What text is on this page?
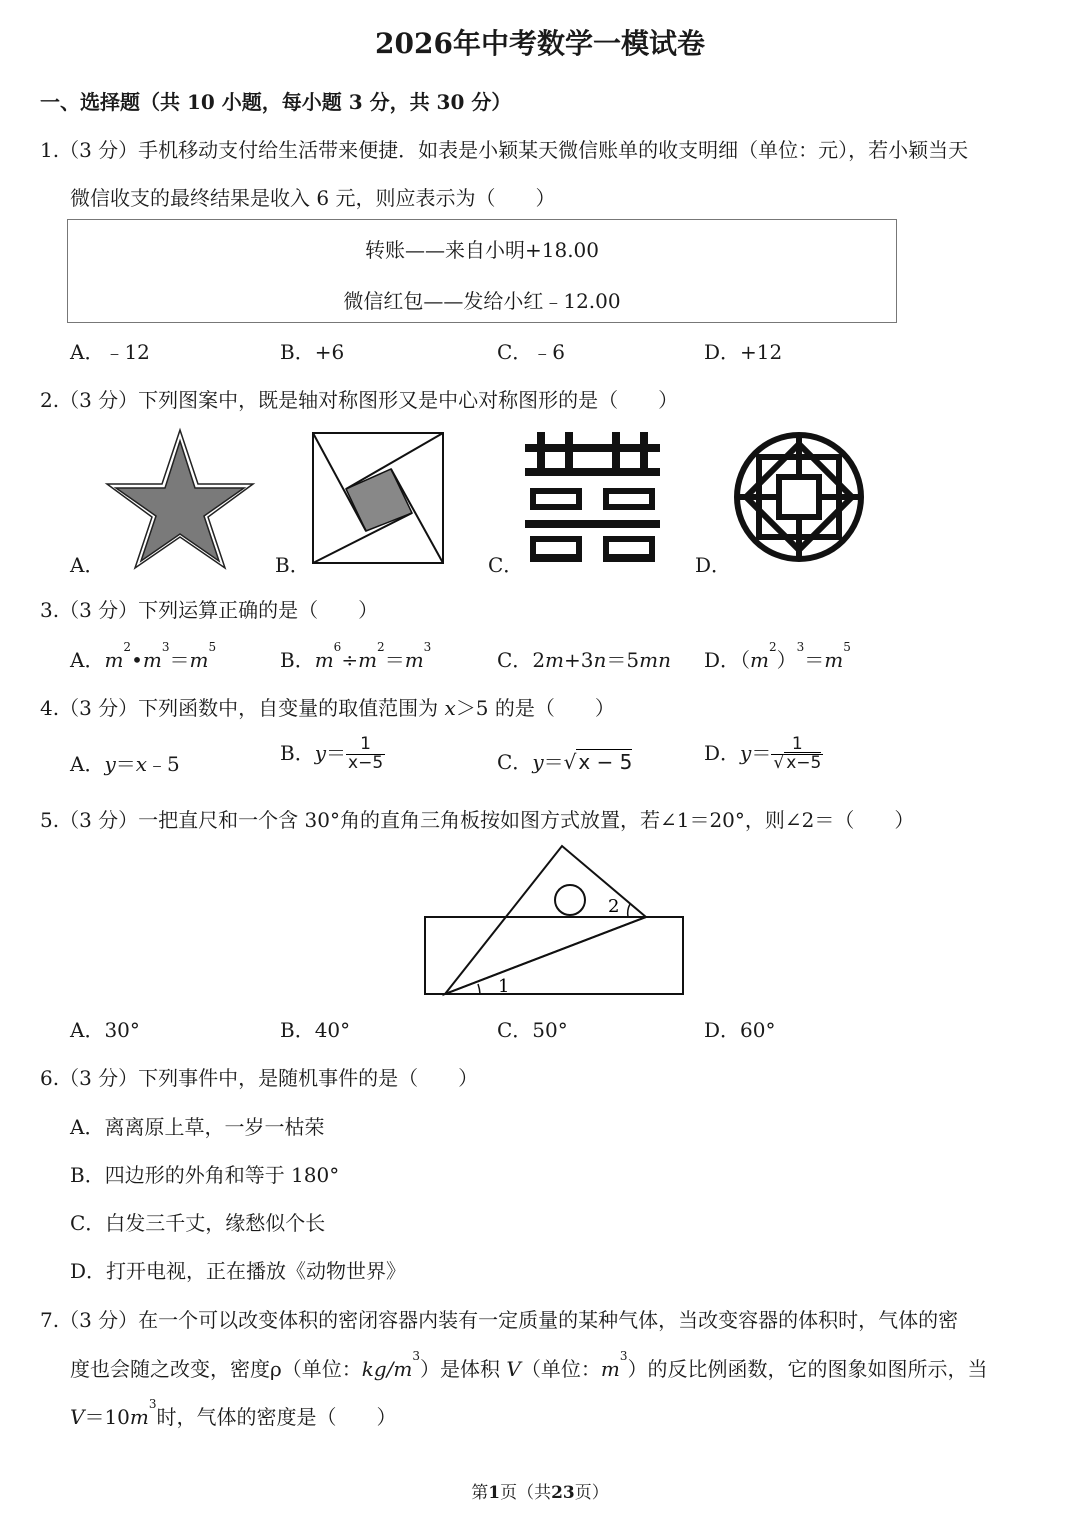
2026年中考数学一模试卷
一、选择题（共 10 小题，每小题 3 分，共 30 分）
1.（3 分）手机移动支付给生活带来便捷．如表是小颖某天微信账单的收支明细（单位：元），若小颖当天
微信收支的最终结果是收入 6 元，则应表示为（　　）
转账——来自小明+18.00
微信红包——发给小红﹣12.00
A．﹣12	B．+6	C．﹣6	D．+12
2.（3 分）下列图案中，既是轴对称图形又是中心对称图形的是（　　）
A．	B．	C．	D．
3.（3 分）下列运算正确的是（　　）
A．$m^2•m^3=m^5$
B．$m^6\div m^2=m^3$
C．2m+3n＝5mn D．$(m^2)^3=m^5$
4.（3 分）下列函数中，自变量的取值范围为 x＞5 的是（　　）
A．y＝x﹣5	B．$y= \frac{1}{x-5}$	C．y＝√ x − 5	D．$y= \frac{1}{√ x-5}$
5.（3 分）一把直尺和一个含 30°角的直角三角板按如图方式放置，若∠1＝20°，则∠2＝（　　）
1
2
A．30°	B．40°	C．50°	D．60°
6.（3 分）下列事件中，是随机事件的是（　　）
A．离离原上草，一岁一枯荣
B．四边形的外角和等于 180°
C．白发三千丈，缘愁似个长
D．打开电视，正在播放《动物世界》
7.（3 分）在一个可以改变体积的密闭容器内装有一定质量的某种气体，当改变容器的体积时，气体的密
度也会随之改变，密度ρ（单位：$kg/m^3$）是体积 V（单位：$m^3$）的反比例函数，它的图象如图所示，当
$V=10m^3$时，气体的密度是（　　）
第1页（共23页）
